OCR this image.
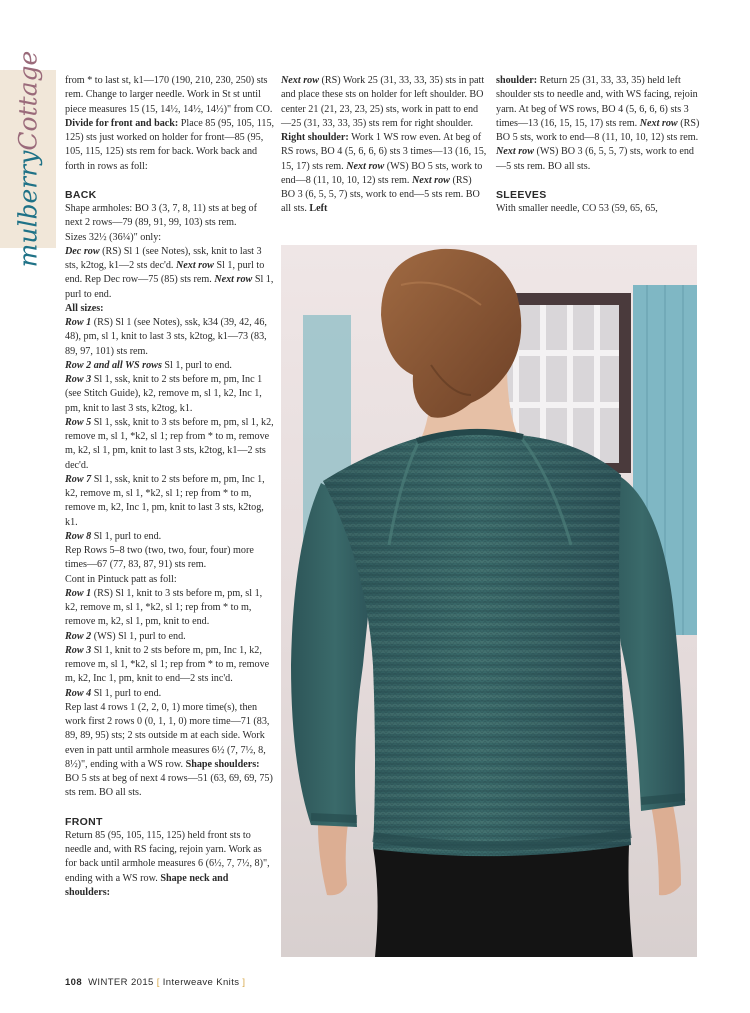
mulberryCottage from * to last st, k1—170 (190, 210, 230, 250) sts rem. Change to larger needle. Work in St st until piece measures 15 (15, 14½, 14½, 14½)" from CO. Divide for front and back: Place 85 (95, 105, 115, 125) sts just worked on holder for front—85 (95, 105, 115, 125) sts rem for back. Work back and forth in rows as foll:

BACK

Shape armholes: BO 3 (3, 7, 8, 11) sts at beg of next 2 rows—79 (89, 91, 99, 103) sts rem.

Sizes 32½ (36¼)" only:

Dec row (RS) Sl 1 (see Notes), ssk, knit to last 3 sts, k2tog, k1—2 sts dec'd. Next row Sl 1, purl to end. Rep Dec row—75 (85) sts rem. Next row Sl 1, purl to end.

All sizes:

Row 1 (RS) Sl 1 (see Notes), ssk, k34 (39, 42, 46, 48), pm, sl 1, knit to last 3 sts, k2tog, k1—73 (83, 89, 97, 101) sts rem.

Row 2 and all WS rows Sl 1, purl to end.

Row 3 Sl 1, ssk, knit to 2 sts before m, pm, Inc 1 (see Stitch Guide), k2, remove m, sl 1, k2, Inc 1, pm, knit to last 3 sts, k2tog, k1.

Row 5 Sl 1, ssk, knit to 3 sts before m, pm, sl 1, k2, remove m, sl 1, *k2, sl 1; rep from * to m, remove m, k2, sl 1, pm, knit to last 3 sts, k2tog, k1—2 sts dec'd.

Row 7 Sl 1, ssk, knit to 2 sts before m, pm, Inc 1, k2, remove m, sl 1, *k2, sl 1; rep from * to m, remove m, k2, Inc 1, pm, knit to last 3 sts, k2tog, k1.

Row 8 Sl 1, purl to end.

Rep Rows 5–8 two (two, two, four, four) more times—67 (77, 83, 87, 91) sts rem.

Cont in Pintuck patt as foll:

Row 1 (RS) Sl 1, knit to 3 sts before m, pm, sl 1, k2, remove m, sl 1, *k2, sl 1; rep from * to m, remove m, k2, sl 1, pm, knit to end.

Row 2 (WS) Sl 1, purl to end.

Row 3 Sl 1, knit to 2 sts before m, pm, Inc 1, k2, remove m, sl 1, *k2, sl 1; rep from * to m, remove m, k2, Inc 1, pm, knit to end—2 sts inc'd.

Row 4 Sl 1, purl to end.

Rep last 4 rows 1 (2, 2, 0, 1) more time(s), then work first 2 rows 0 (0, 1, 1, 0) more time—71 (83, 89, 89, 95) sts; 2 sts outside m at each side. Work even in patt until armhole measures 6½ (7, 7½, 8, 8½)", ending with a WS row. Shape shoulders: BO 5 sts at beg of next 4 rows—51 (63, 69, 69, 75) sts rem. BO all sts.

FRONT

Return 85 (95, 105, 115, 125) held front sts to needle and, with RS facing, rejoin yarn. Work as for back until armhole measures 6 (6½, 7, 7½, 8)", ending with a WS row. Shape neck and shoulders:

Next row (RS) Work 25 (31, 33, 33, 35) sts in patt and place these sts on holder for left shoulder. BO center 21 (21, 23, 23, 25) sts, work in patt to end—25 (31, 33, 33, 35) sts rem for right shoulder. Right shoulder: Work 1 WS row even. At beg of RS rows, BO 4 (5, 6, 6, 6) sts 3 times—13 (16, 15, 15, 17) sts rem. Next row (WS) BO 5 sts, work to end—8 (11, 10, 10, 12) sts rem. Next row (RS) BO 3 (6, 5, 5, 7) sts, work to end—5 sts rem. BO all sts. Left

shoulder: Return 25 (31, 33, 33, 35) held left shoulder sts to needle and, with WS facing, rejoin yarn. At beg of WS rows, BO 4 (5, 6, 6, 6) sts 3 times—13 (16, 15, 15, 17) sts rem. Next row (RS) BO 5 sts, work to end—8 (11, 10, 10, 12) sts rem. Next row (WS) BO 3 (6, 5, 5, 7) sts, work to end—5 sts rem. BO all sts.

SLEEVES

With smaller needle, CO 53 (59, 65, 65,

108 WINTER 2015 [ Interweave Knits ]
